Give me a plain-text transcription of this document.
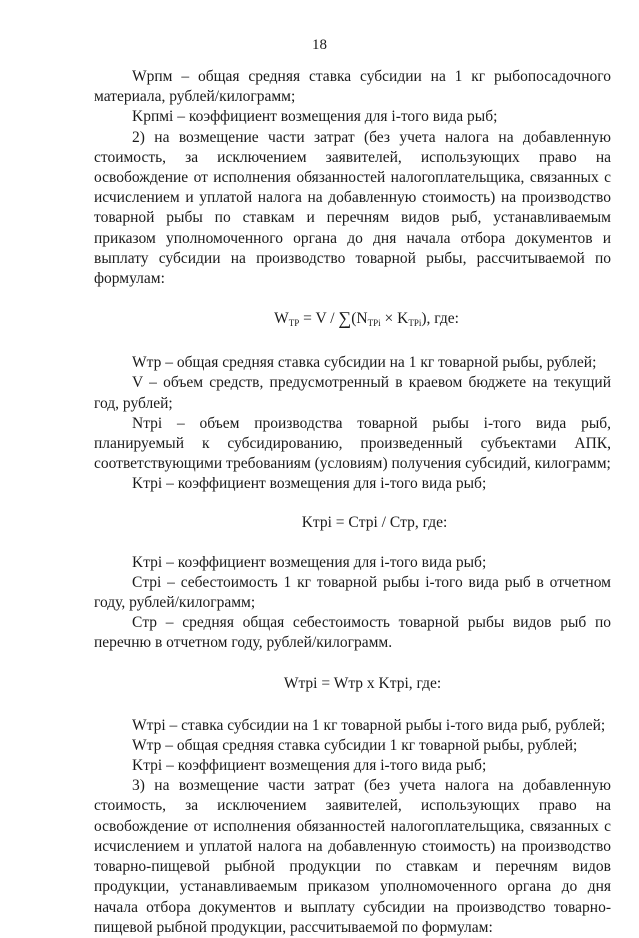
18

Wрпм – общая средняя ставка субсидии на 1 кг рыбопосадочного материала, рублей/килограмм;

Kрпмi – коэффициент возмещения для i-того вида рыб;

2) на возмещение части затрат (без учета налога на добавленную стоимость, за исключением заявителей, использующих право на освобождение от исполнения обязанностей налогоплательщика, связанных с исчислением и уплатой налога на добавленную стоимость) на производство товарной рыбы по ставкам и перечням видов рыб, устанавливаемым приказом уполномоченного органа до дня начала отбора документов и выплату субсидии на производство товарной рыбы, рассчитываемой по формулам:

$W_{TP} = V / \sum(N_{TPi} \times K_{TPi})$, где:

Wтр – общая средняя ставка субсидии на 1 кг товарной рыбы, рублей;

V – объем средств, предусмотренный в краевом бюджете на текущий год, рублей;

Nтрi – объем производства товарной рыбы i-того вида рыб, планируемый к субсидированию, произведенный субъектами АПК, соответствующими требованиям (условиям) получения субсидий, килограмм;

Kтрi – коэффициент возмещения для i-того вида рыб;

Kтрi = Cтрi / Cтр, где:

Kтрi – коэффициент возмещения для i-того вида рыб;

Cтрi – себестоимость 1 кг товарной рыбы i-того вида рыб в отчетном году, рублей/килограмм;

Cтр – средняя общая себестоимость товарной рыбы видов рыб по перечню в отчетном году, рублей/килограмм.

Wтрi = Wтр x Kтрi, где:

Wтрi – ставка субсидии на 1 кг товарной рыбы i-того вида рыб, рублей;

Wтр – общая средняя ставка субсидии 1 кг товарной рыбы, рублей;

Kтрi – коэффициент возмещения для i-того вида рыб;

3) на возмещение части затрат (без учета налога на добавленную стоимость, за исключением заявителей, использующих право на освобождение от исполнения обязанностей налогоплательщика, связанных с исчислением и уплатой налога на добавленную стоимость) на производство товарно-пищевой рыбной продукции по ставкам и перечням видов продукции, устанавливаемым приказом уполномоченного органа до дня начала отбора документов и выплату субсидии на производство товарно-пищевой рыбной продукции, рассчитываемой по формулам:
